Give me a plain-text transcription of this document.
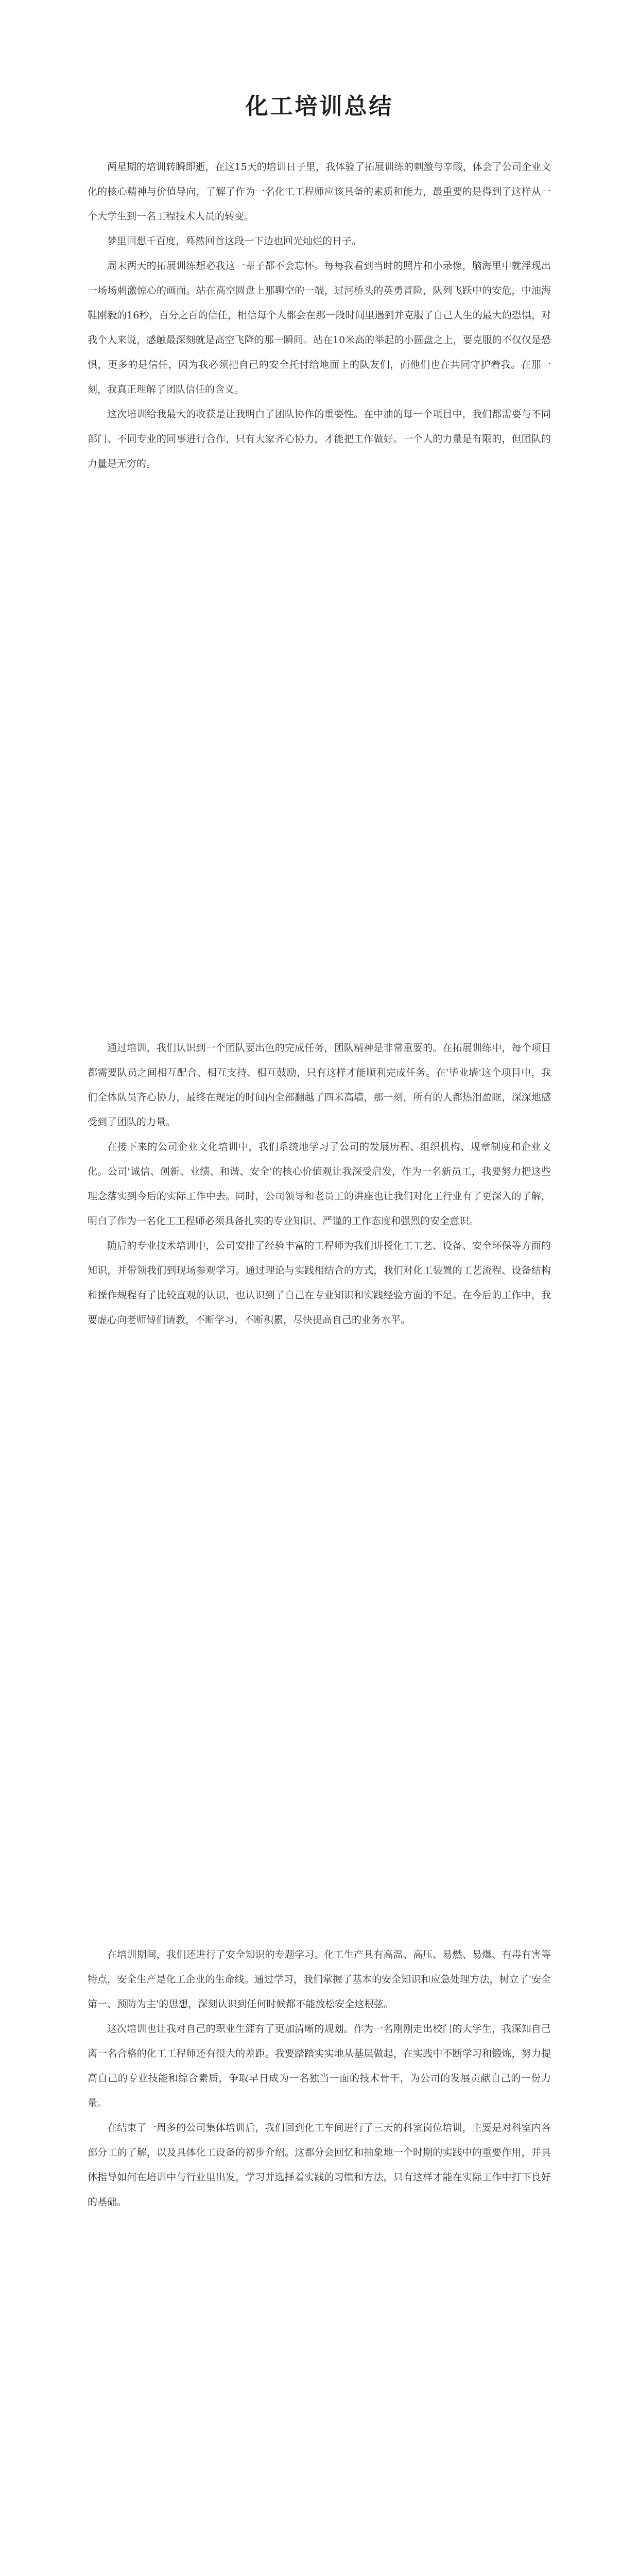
化工培训总结

两星期的培训转瞬即逝，在这15天的培训日子里，我体验了拓展训练的刺激与辛酸，体会了公司企业文化的核心精神与价值导向，了解了作为一名化工工程师应该具备的素质和能力，最重要的是得到了这样从一个大学生到一名工程技术人员的转变。

梦里回想千百度，蓦然回首这段一下边也回光灿烂的日子。

周末两天的拓展训练想必我这一辈子都不会忘怀。每每我看到当时的照片和小录像，脑海里中就浮现出一场场刺激惊心的画面。站在高空圆盘上那聊空的一端，过河桥头的英勇冒险，队列飞跃中的安危，中油海鞋刚毅的16秒，百分之百的信任，相信每个人都会在那一段时间里遇到并克服了自己人生的最大的恐惧，对我个人来说，感触最深刻就是高空飞降的那一瞬间。站在10米高的举起的小圆盘之上，要克服的不仅仅是恐惧，更多的是信任，因为我必须把自己的安全托付给地面上的队友们，而他们也在共同守护着我。在那一刻，我真正理解了团队信任的含义。

这次培训给我最大的收获是让我明白了团队协作的重要性。在中油的每一个项目中，我们都需要与不同部门、不同专业的同事进行合作，只有大家齐心协力，才能把工作做好。一个人的力量是有限的，但团队的力量是无穷的。

通过培训，我们认识到一个团队要出色的完成任务，团队精神是非常重要的。在拓展训练中，每个项目都需要队员之间相互配合、相互支持、相互鼓励，只有这样才能顺利完成任务。在'毕业墙'这个项目中，我们全体队员齐心协力，最终在规定的时间内全部翻越了四米高墙，那一刻，所有的人都热泪盈眶，深深地感受到了团队的力量。

在接下来的公司企业文化培训中，我们系统地学习了公司的发展历程、组织机构、规章制度和企业文化。公司'诚信、创新、业绩、和谐、安全'的核心价值观让我深受启发，作为一名新员工，我要努力把这些理念落实到今后的实际工作中去。同时，公司领导和老员工的讲座也让我们对化工行业有了更深入的了解，明白了作为一名化工工程师必须具备扎实的专业知识、严谨的工作态度和强烈的安全意识。

随后的专业技术培训中，公司安排了经验丰富的工程师为我们讲授化工工艺、设备、安全环保等方面的知识，并带领我们到现场参观学习。通过理论与实践相结合的方式，我们对化工装置的工艺流程、设备结构和操作规程有了比较直观的认识，也认识到了自己在专业知识和实践经验方面的不足。在今后的工作中，我要虚心向老师傅们请教，不断学习，不断积累，尽快提高自己的业务水平。

在培训期间，我们还进行了安全知识的专题学习。化工生产具有高温、高压、易燃、易爆、有毒有害等特点，安全生产是化工企业的生命线。通过学习，我们掌握了基本的安全知识和应急处理方法，树立了'安全第一、预防为主'的思想，深刻认识到任何时候都不能放松安全这根弦。

这次培训也让我对自己的职业生涯有了更加清晰的规划。作为一名刚刚走出校门的大学生，我深知自己离一名合格的化工工程师还有很大的差距。我要踏踏实实地从基层做起，在实践中不断学习和锻炼，努力提高自己的专业技能和综合素质，争取早日成为一名独当一面的技术骨干，为公司的发展贡献自己的一份力量。

在结束了一周多的公司集体培训后，我们回到化工车间进行了三天的科室岗位培训，主要是对科室内各部分工的了解，以及具体化工设备的初步介绍。这都分会回忆和抽象地一个时期的实践中的重要作用，并具体指导如何在培训中与行业里出发，学习并选择着实践的习惯和方法，只有这样才能在实际工作中打下良好的基础。
